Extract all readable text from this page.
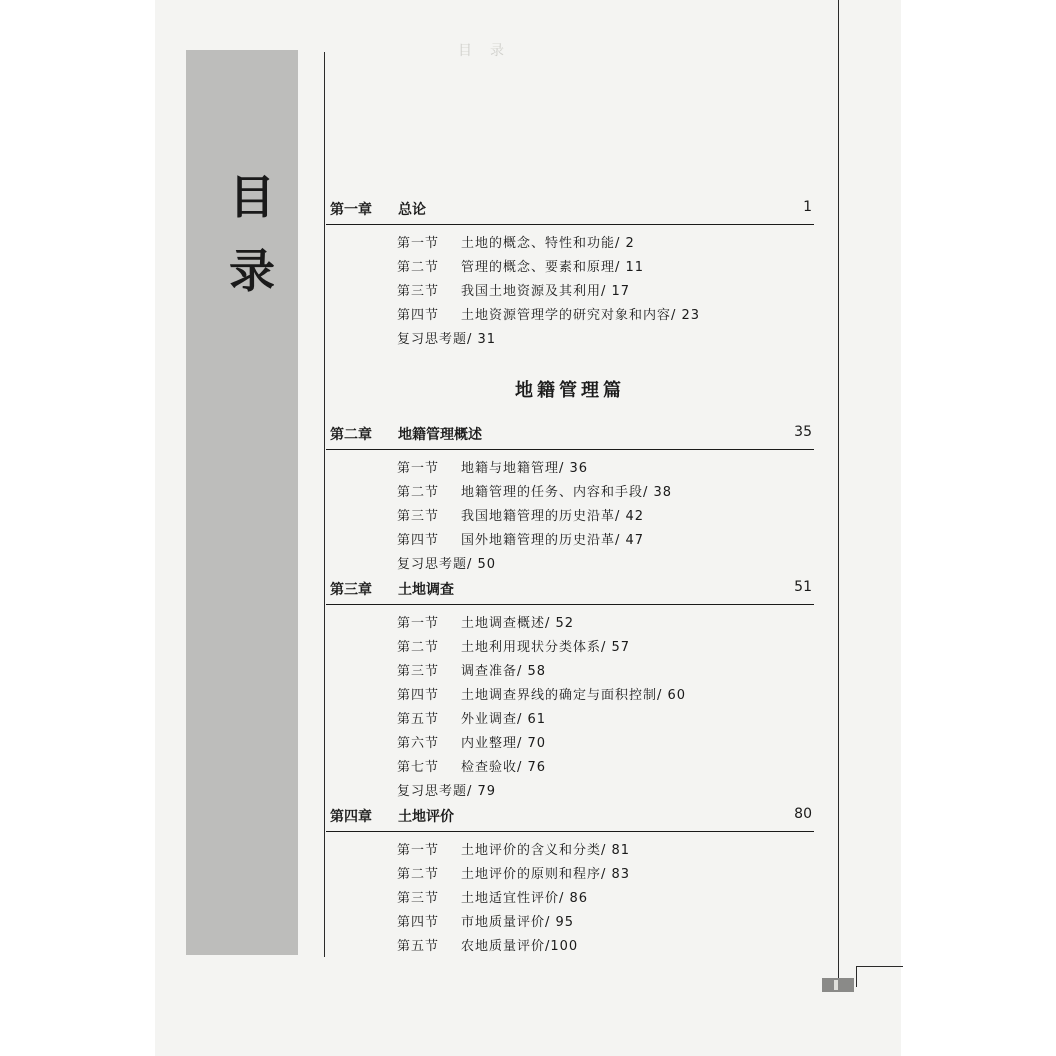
目录
目
录
第一章 总论	1
第一节 土地的概念、特性和功能/ 2
第二节 管理的概念、要素和原理/ 11
第三节 我国土地资源及其利用/ 17
第四节 土地资源管理学的研究对象和内容/ 23
复习思考题/ 31
地籍管理篇
第二章 地籍管理概述	35
第一节 地籍与地籍管理/ 36
第二节 地籍管理的任务、内容和手段/ 38
第三节 我国地籍管理的历史沿革/ 42
第四节 国外地籍管理的历史沿革/ 47
复习思考题/ 50
第三章 土地调查	51
第一节 土地调查概述/ 52
第二节 土地利用现状分类体系/ 57
第三节 调查准备/ 58
第四节 土地调查界线的确定与面积控制/ 60
第五节 外业调查/ 61
第六节 内业整理/ 70
第七节 检查验收/ 76
复习思考题/ 79
第四章 土地评价	80
第一节 土地评价的含义和分类/ 81
第二节 土地评价的原则和程序/ 83
第三节 土地适宜性评价/ 86
第四节 市地质量评价/ 95
第五节 农地质量评价/100
